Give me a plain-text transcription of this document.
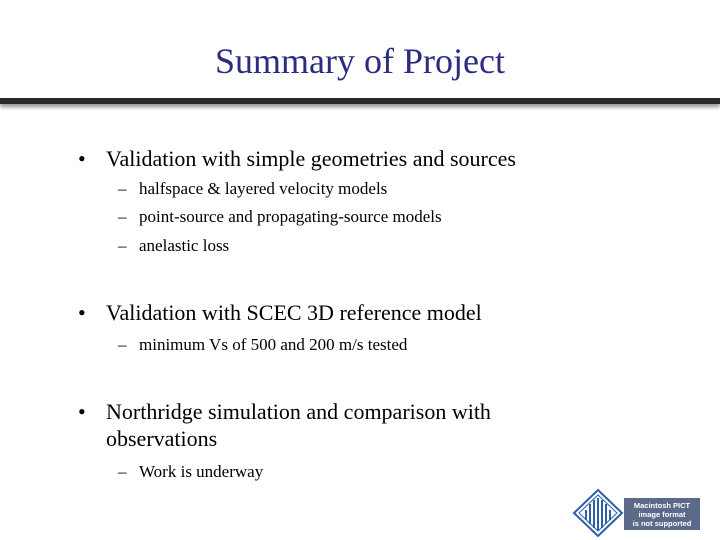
Summary of Project
• Validation with simple geometries and sources
– halfspace & layered velocity models
– point-source and propagating-source models
– anelastic loss
• Validation with SCEC 3D reference model
– minimum Vs of 500 and 200 m/s tested
• Northridge simulation and comparison with observations
– Work is underway
Macintosh PICT
image format
is not supported
